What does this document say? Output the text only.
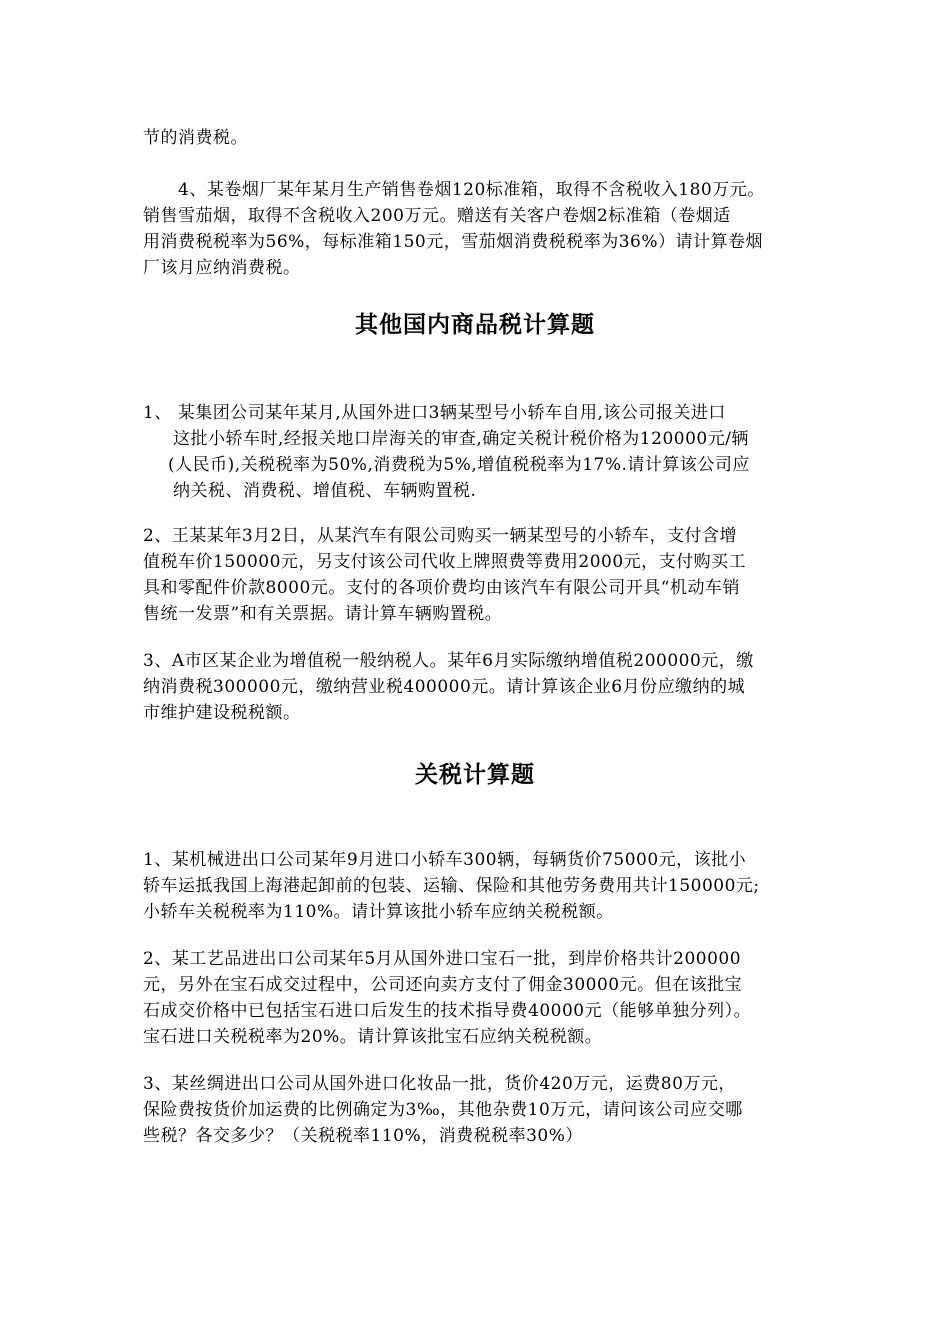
节的消费税。
4、某卷烟厂某年某月生产销售卷烟120标准箱，取得不含税收入180万元。
销售雪茄烟，取得不含税收入200万元。赠送有关客户卷烟2标准箱（卷烟适
用消费税税率为56%，每标准箱150元，雪茄烟消费税税率为36%）请计算卷烟
厂该月应纳消费税。
其他国内商品税计算题
1、 某集团公司某年某月,从国外进口3辆某型号小轿车自用,该公司报关进口
这批小轿车时,经报关地口岸海关的审查,确定关税计税价格为120000元/辆
(人民币),关税税率为50%,消费税为5%,增值税税率为17%.请计算该公司应
纳关税、消费税、增值税、车辆购置税.
2、王某某年3月2日，从某汽车有限公司购买一辆某型号的小轿车，支付含增
值税车价150000元，另支付该公司代收上牌照费等费用2000元，支付购买工
具和零配件价款8000元。支付的各项价费均由该汽车有限公司开具“机动车销
售统一发票”和有关票据。请计算车辆购置税。
3、A市区某企业为增值税一般纳税人。某年6月实际缴纳增值税200000元，缴
纳消费税300000元，缴纳营业税400000元。请计算该企业6月份应缴纳的城
市维护建设税税额。
关税计算题
1、某机械进出口公司某年9月进口小轿车300辆，每辆货价75000元，该批小
轿车运抵我国上海港起卸前的包装、运输、保险和其他劳务费用共计150000元;
小轿车关税税率为110%。请计算该批小轿车应纳关税税额。
2、某工艺品进出口公司某年5月从国外进口宝石一批，到岸价格共计200000
元，另外在宝石成交过程中，公司还向卖方支付了佣金30000元。但在该批宝
石成交价格中已包括宝石进口后发生的技术指导费40000元（能够单独分列）。
宝石进口关税税率为20%。请计算该批宝石应纳关税税额。
3、某丝绸进出口公司从国外进口化妆品一批，货价420万元，运费80万元，
保险费按货价加运费的比例确定为3‰，其他杂费10万元，请问该公司应交哪
些税？各交多少？（关税税率110%，消费税税率30%）
